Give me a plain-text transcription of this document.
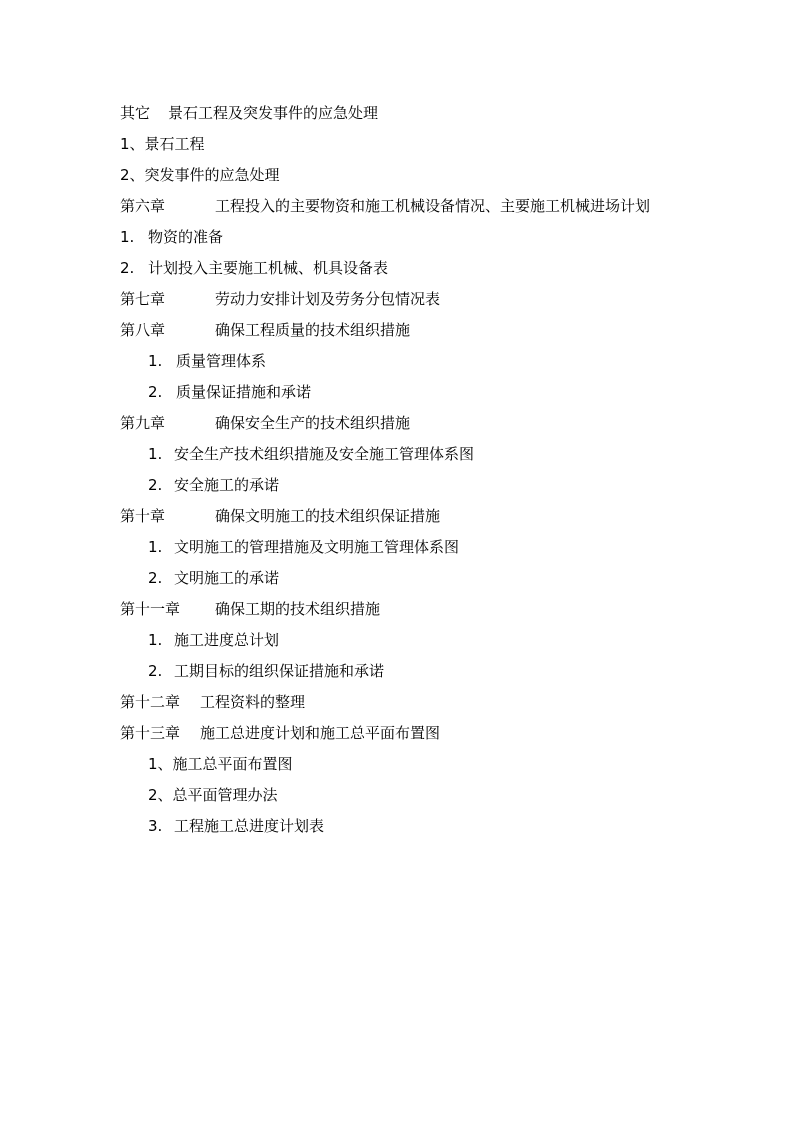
其它	景石工程及突发事件的应急处理
1、 景石工程
2、 突发事件的应急处理
第六章	工程投入的主要物资和施工机械设备情况、主要施工机械进场计划
1. 物资的准备
2. 计划投入主要施工机械、机具设备表
第七章	劳动力安排计划及劳务分包情况表
第八章	确保工程质量的技术组织措施
1. 质量管理体系
2. 质量保证措施和承诺
第九章	确保安全生产的技术组织措施
1. 安全生产技术组织措施及安全施工管理体系图
2. 安全施工的承诺
第十章	确保文明施工的技术组织保证措施
1. 文明施工的管理措施及文明施工管理体系图
2. 文明施工的承诺
第十一章	确保工期的技术组织措施
1. 施工进度总计划
2. 工期目标的组织保证措施和承诺
第十二章	工程资料的整理
第十三章	施工总进度计划和施工总平面布置图
1、 施工总平面布置图
2、 总平面管理办法
3. 工程施工总进度计划表
